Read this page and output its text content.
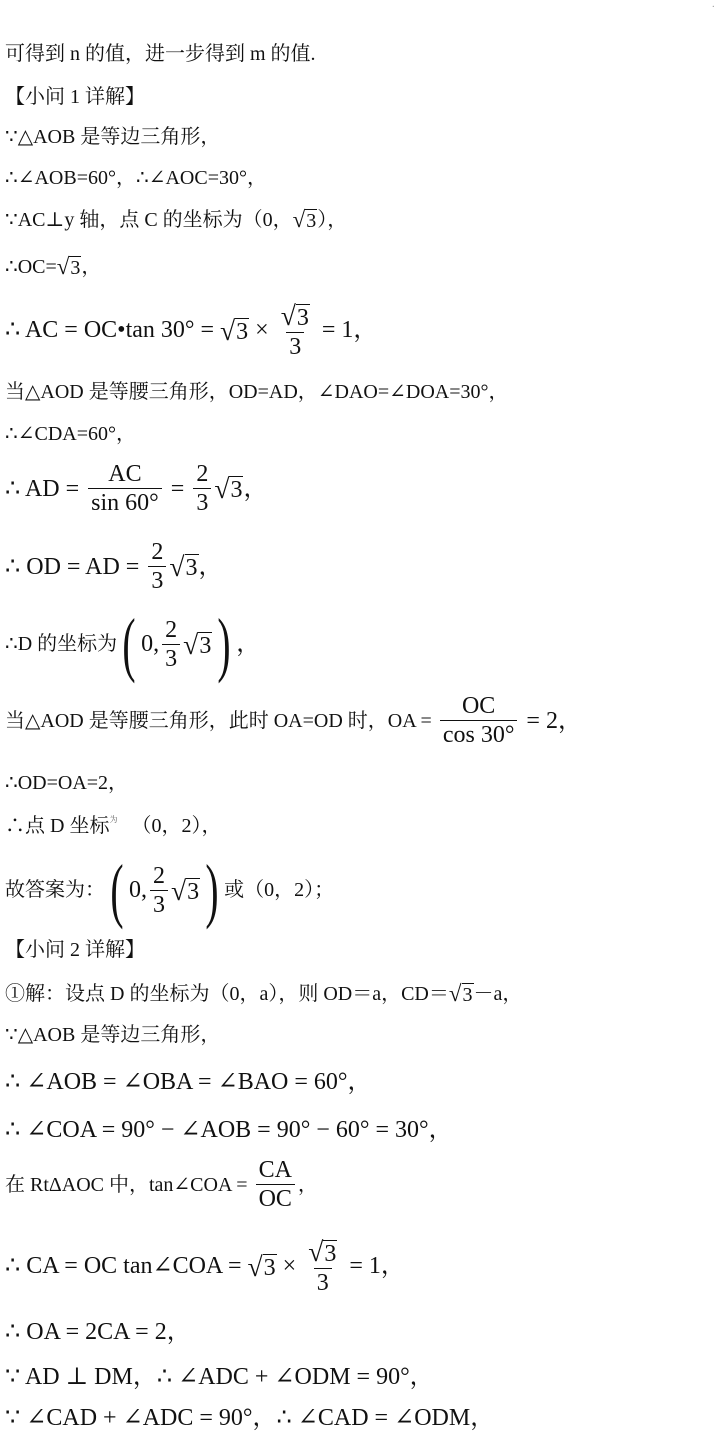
·
可得到 n 的值，进一步得到 m 的值.
【小问 1 详解】
∵△AOB 是等边三角形，
∴∠AOB=60°，∴∠AOC=30°，
∵AC⊥y 轴，点 C 的坐标为（0， √ 3 ），
∴OC= √ 3 ，
∴ AC = OC•tan 30° = √ $3 \times \frac{√ 3}{3} = 1$，
当△AOD 是等腰三角形，OD=AD，∠DAO=∠DOA=30°，
∴∠CDA=60°，
∴ AD = $\frac{AC}{\sin 60^\circ} = \frac{2}{3}$ √ 3 ，
∴ OD = AD = $\frac{2}{3}$ √ 3 ，
∴D 的坐标为 ( 0, $\frac{2}{3}$ √ 3 ) ，
当△AOD 是等腰三角形，此时 OA=OD 时，OA = $\frac{OC}{\cos 30^\circ} = 2$，
∴OD=OA=2，
∴点 D 坐标 为 （0，2），
故答案为： ( 0, $\frac{2}{3}$ √ 3 ) 或（0，2）；
【小问 2 详解】
①解：设点 D 的坐标为（0，a），则 OD＝a，CD＝ √ 3 －a，
∵△AOB 是等边三角形，
∴ ∠AOB = ∠OBA = ∠BAO = 60°，
∴ ∠COA = 90° − ∠AOB = 90° − 60° = 30°，
在 RtΔAOC 中，tan∠COA = $\frac{CA}{OC}$ ，
∴ CA = OC tan∠COA = √ $3 \times \frac{√ 3}{3} = 1$，
∴ OA = 2CA = 2，
∵ AD ⊥ DM，∴ ∠ADC + ∠ODM = 90°，
∵ ∠CAD + ∠ADC = 90°，∴ ∠CAD = ∠ODM，
